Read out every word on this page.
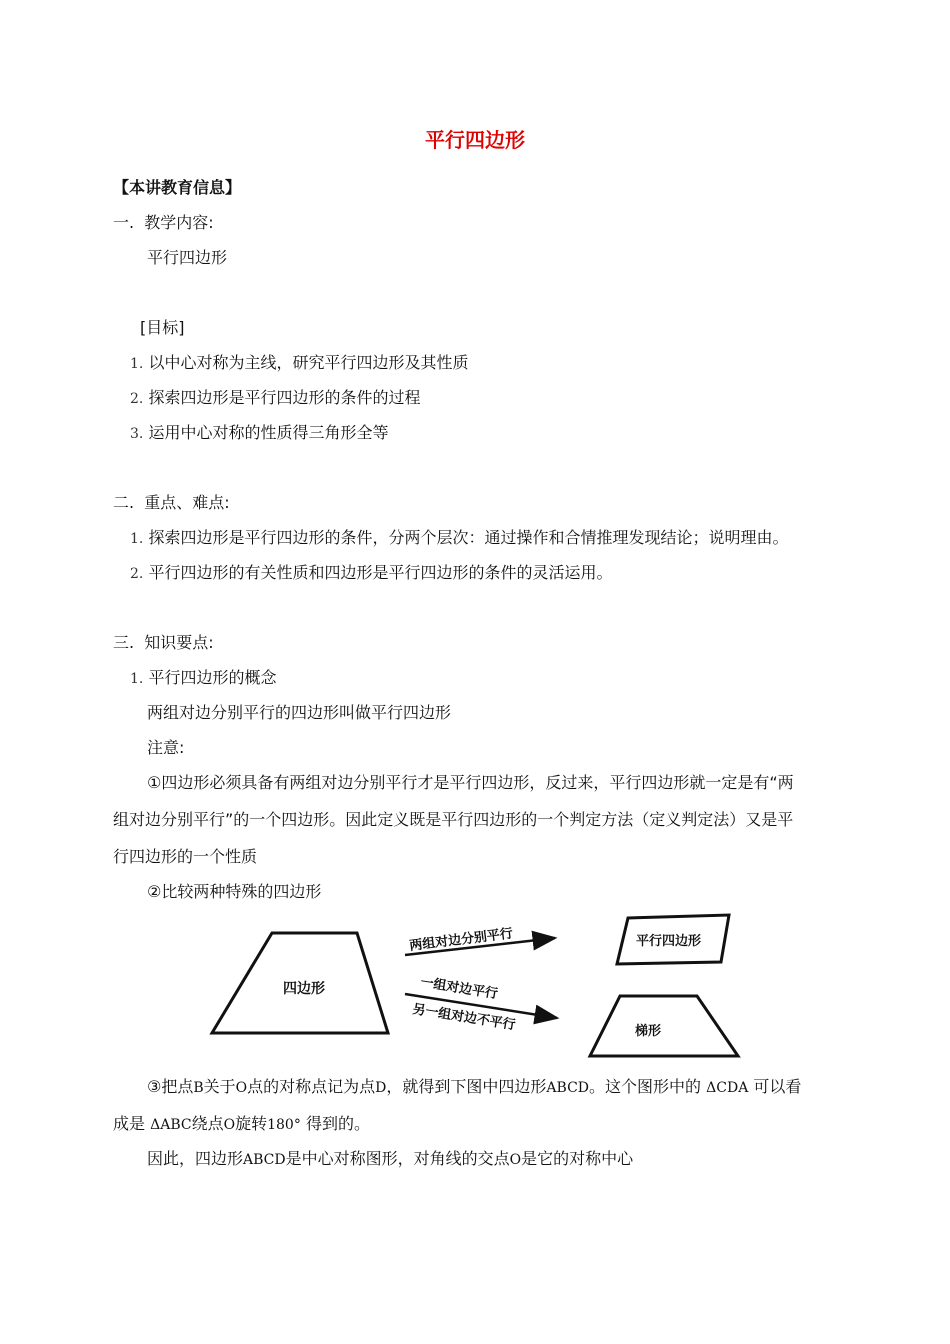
平行四边形
【本讲教育信息】
一. 教学内容:
平行四边形
[目标]
1. 以中心对称为主线，研究平行四边形及其性质
2. 探索四边形是平行四边形的条件的过程
3. 运用中心对称的性质得三角形全等
二. 重点、难点:
1. 探索四边形是平行四边形的条件，分两个层次：通过操作和合情推理发现结论；说明理由。
2. 平行四边形的有关性质和四边形是平行四边形的条件的灵活运用。
三. 知识要点:
1. 平行四边形的概念
两组对边分别平行的四边形叫做平行四边形
注意:
①四边形必须具备有两组对边分别平行才是平行四边形，反过来，平行四边形就一定是有“两
组对边分别平行”的一个四边形。因此定义既是平行四边形的一个判定方法（定义判定法）又是平
行四边形的一个性质
②比较两种特殊的四边形
四边形
两组对边分别平行
一组对边平行
另一组对边不平行
平行四边形
梯形
③把点B关于O点的对称点记为点D，就得到下图中四边形ABCD。这个图形中的 ΔCDA 可以看
成是 ΔABC绕点O旋转180° 得到的。
因此，四边形ABCD是中心对称图形，对角线的交点O是它的对称中心
